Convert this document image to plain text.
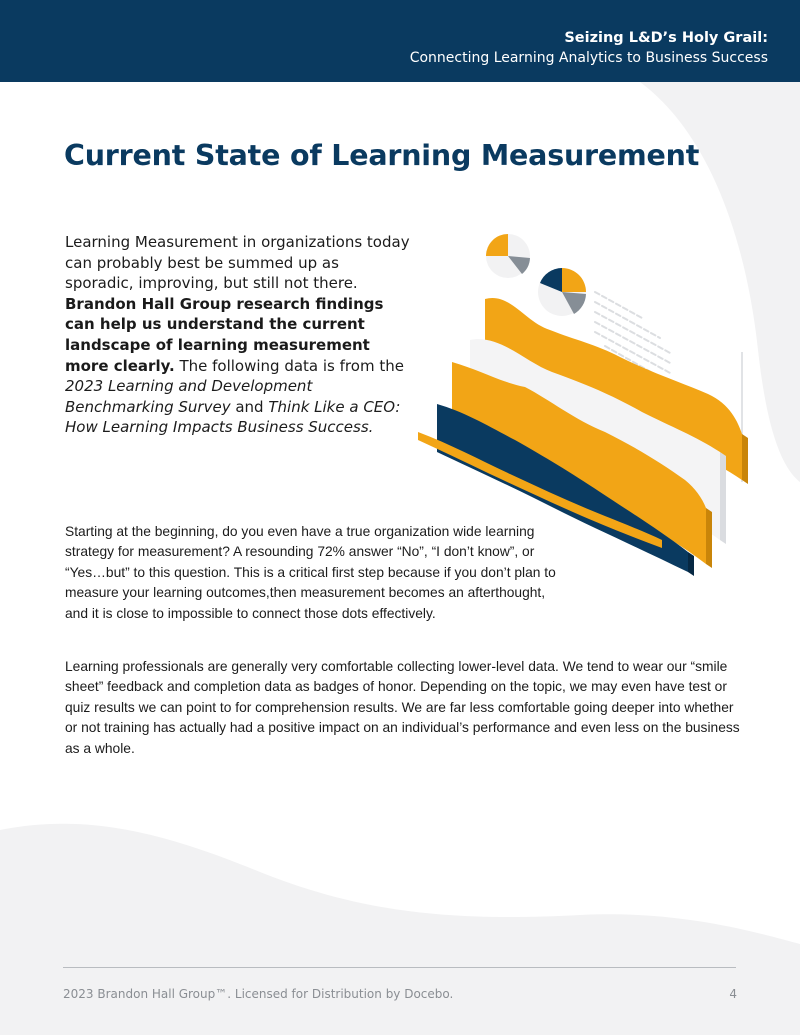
Seizing L&D’s Holy Grail:
Connecting Learning Analytics to Business Success
Current State of Learning Measurement
Learning Measurement in organizations today can probably best be summed up as sporadic, improving, but still not there. Brandon Hall Group research findings can help us understand the current landscape of learning measurement more clearly. The following data is from the 2023 Learning and Development Benchmarking Survey and Think Like a CEO: How Learning Impacts Business Success.

Starting at the beginning, do you even have a true organization wide learning strategy for measurement? A resounding 72% answer “No”, “I don’t know”, or “Yes…but” to this question. This is a critical first step because if you don’t plan to measure your learning outcomes,then measurement becomes an afterthought, and it is close to impossible to connect those dots effectively.

Learning professionals are generally very comfortable collecting lower-level data. We tend to wear our “smile sheet” feedback and completion data as badges of honor. Depending on the topic, we may even have test or quiz results we can point to for comprehension results. We are far less comfortable going deeper into whether or not training has actually had a positive impact on an individual’s performance and even less on the business as a whole.

2023 Brandon Hall Group™. Licensed for Distribution by Docebo.	4
